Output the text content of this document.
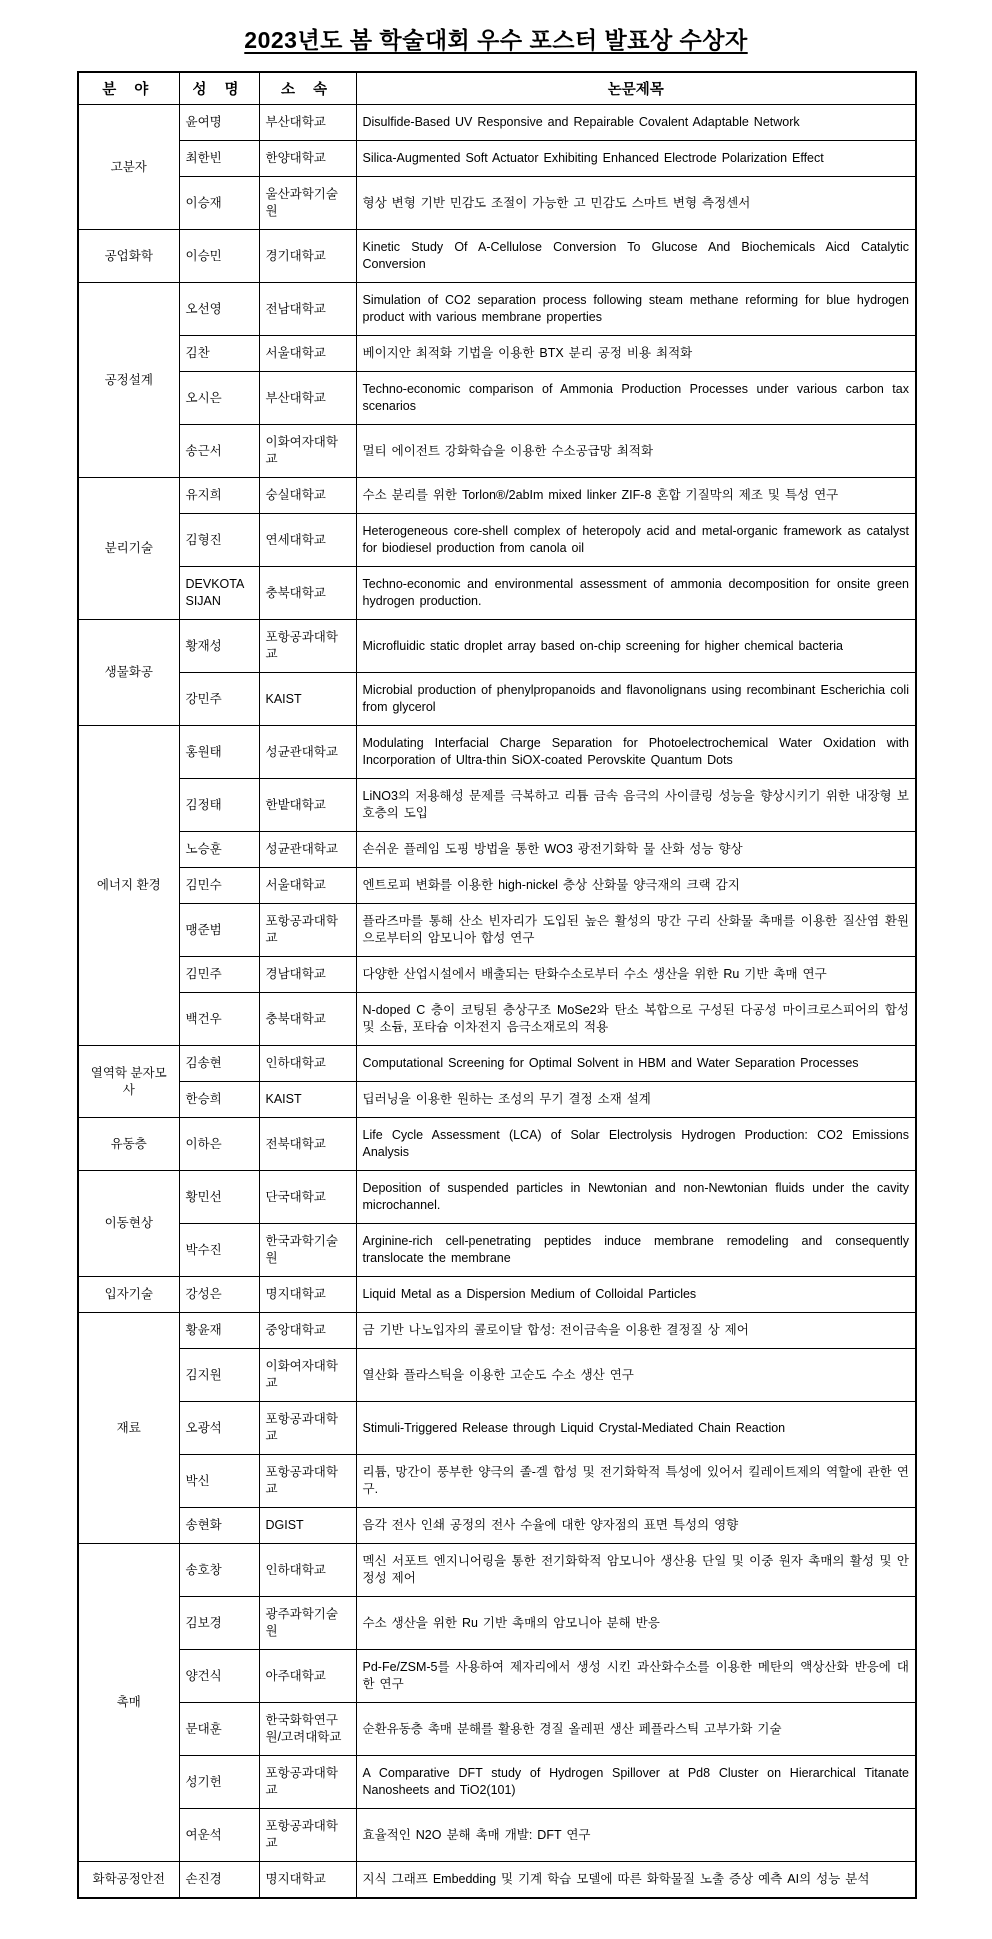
2023년도 봄 학술대회 우수 포스터 발표상 수상자
분 야	성 명	소 속	논문제목
고분자	윤여명	부산대학교	Disulfide-Based UV Responsive and Repairable Covalent Adaptable Network
	최한빈	한양대학교	Silica-Augmented Soft Actuator Exhibiting Enhanced Electrode Polarization Effect
	이승재	울산과학기술원	형상 변형 기반 민감도 조절이 가능한 고 민감도 스마트 변형 측정센서
공업화학	이승민	경기대학교	Kinetic Study Of A-Cellulose Conversion To Glucose And Biochemicals Aicd Catalytic Conversion
공정설계	오선영	전남대학교	Simulation of CO2 separation process following steam methane reforming for blue hydrogen product with various membrane properties
	김찬	서울대학교	베이지안 최적화 기법을 이용한 BTX 분리 공정 비용 최적화
	오시은	부산대학교	Techno-economic comparison of Ammonia Production Processes under various carbon tax scenarios
	송근서	이화여자대학교	멀티 에이전트 강화학습을 이용한 수소공급망 최적화
분리기술	유지희	숭실대학교	수소 분리를 위한 Torlon®/2abIm mixed linker ZIF-8 혼합 기질막의 제조 및 특성 연구
	김형진	연세대학교	Heterogeneous core-shell complex of heteropoly acid and metal-organic framework as catalyst for biodiesel production from canola oil
	DEVKOTA SIJAN	충북대학교	Techno-economic and environmental assessment of ammonia decomposition for onsite green hydrogen production.
생물화공	황재성	포항공과대학교	Microfluidic static droplet array based on-chip screening for higher chemical bacteria
	강민주	KAIST	Microbial production of phenylpropanoids and flavonolignans using recombinant Escherichia coli from glycerol
에너지 환경	홍원태	성균관대학교	Modulating Interfacial Charge Separation for Photoelectrochemical Water Oxidation with Incorporation of Ultra-thin SiOX-coated Perovskite Quantum Dots
	김정태	한밭대학교	LiNO3의 저용해성 문제를 극복하고 리튬 금속 음극의 사이클링 성능을 향상시키기 위한 내장형 보호층의 도입
	노승훈	성균관대학교	손쉬운 플레임 도핑 방법을 통한 WO3 광전기화학 물 산화 성능 향상
	김민수	서울대학교	엔트로피 변화를 이용한 high-nickel 층상 산화물 양극재의 크랙 감지
	맹준범	포항공과대학교	플라즈마를 통해 산소 빈자리가 도입된 높은 활성의 망간 구리 산화물 촉매를 이용한 질산염 환원으로부터의 암모니아 합성 연구
	김민주	경남대학교	다양한 산업시설에서 배출되는 탄화수소로부터 수소 생산을 위한 Ru 기반 촉매 연구
	백건우	충북대학교	N-doped C 층이 코팅된 층상구조 MoSe2와 탄소 복합으로 구성된 다공성 마이크로스피어의 합성 및 소듐, 포타슘 이차전지 음극소재로의 적용
열역학 분자모사	김송현	인하대학교	Computational Screening for Optimal Solvent in HBM and Water Separation Processes
	한승희	KAIST	딥러닝을 이용한 원하는 조성의 무기 결정 소재 설계
유동층	이하은	전북대학교	Life Cycle Assessment (LCA) of Solar Electrolysis Hydrogen Production: CO2 Emissions Analysis
이동현상	황민선	단국대학교	Deposition of suspended particles in Newtonian and non-Newtonian fluids under the cavity microchannel.
	박수진	한국과학기술원	Arginine-rich cell-penetrating peptides induce membrane remodeling and consequently translocate the membrane
입자기술	강성은	명지대학교	Liquid Metal as a Dispersion Medium of Colloidal Particles
재료	황윤재	중앙대학교	금 기반 나노입자의 콜로이달 합성: 전이금속을 이용한 결정질 상 제어
	김지원	이화여자대학교	열산화 플라스틱을 이용한 고순도 수소 생산 연구
	오광석	포항공과대학교	Stimuli-Triggered Release through Liquid Crystal-Mediated Chain Reaction
	박신	포항공과대학교	리튬, 망간이 풍부한 양극의 졸-겔 합성 및 전기화학적 특성에 있어서 킬레이트제의 역할에 관한 연구.
	송현화	DGIST	음각 전사 인쇄 공정의 전사 수율에 대한 양자점의 표면 특성의 영향
촉매	송호창	인하대학교	멕신 서포트 엔지니어링을 통한 전기화학적 암모니아 생산용 단일 및 이중 원자 촉매의 활성 및 안정성 제어
	김보경	광주과학기술원	수소 생산을 위한 Ru 기반 촉매의 암모니아 분해 반응
	양건식	아주대학교	Pd-Fe/ZSM-5를 사용하여 제자리에서 생성 시킨 과산화수소를 이용한 메탄의 액상산화 반응에 대한 연구
	문대훈	한국화학연구원/고려대학교	순환유동층 촉매 분해를 활용한 경질 올레핀 생산 페플라스틱 고부가화 기술
	성기헌	포항공과대학교	A Comparative DFT study of Hydrogen Spillover at Pd8 Cluster on Hierarchical Titanate Nanosheets and TiO2(101)
	여운석	포항공과대학교	효율적인 N2O 분해 촉매 개발: DFT 연구
화학공정안전	손진경	명지대학교	지식 그래프 Embedding 및 기계 학습 모델에 따른 화학물질 노출 증상 예측 AI의 성능 분석
